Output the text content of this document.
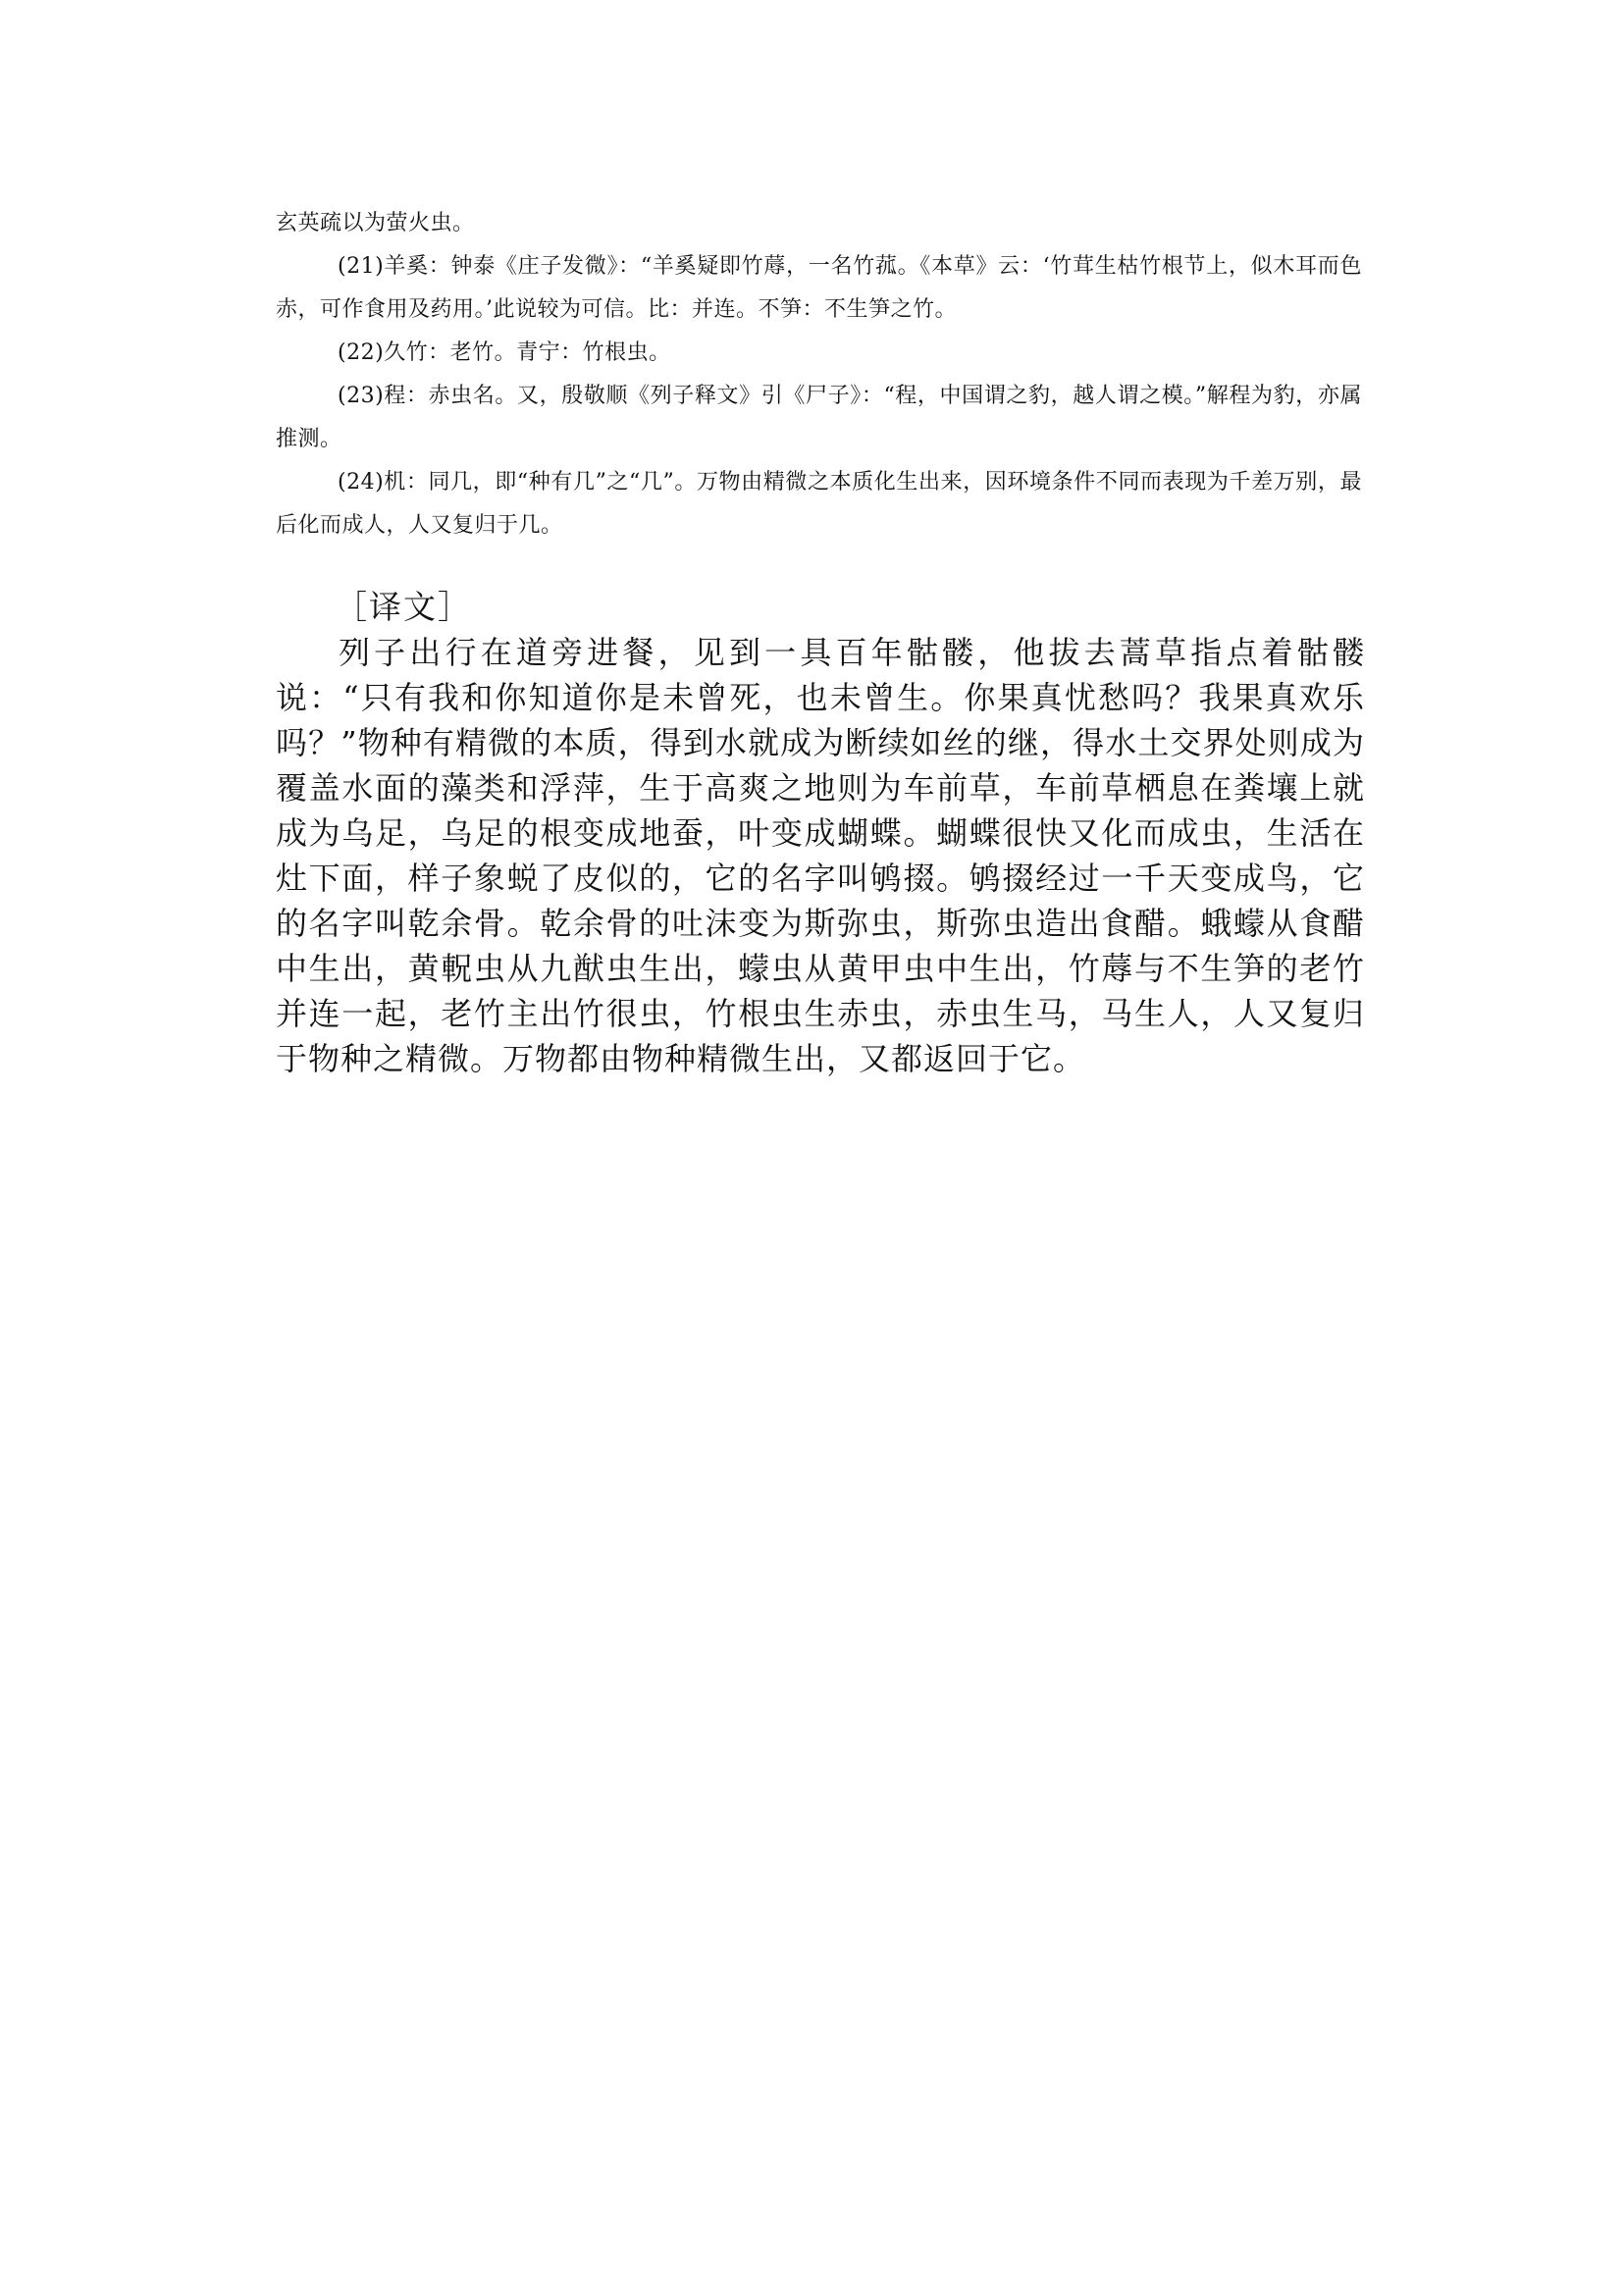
玄英疏以为萤火虫。

(21)羊奚：钟泰《庄子发微》：“羊奚疑即竹蓐，一名竹菰。《本草》云：‘竹茸生枯竹根节上，似木耳而色赤，可作食用及药用。’此说较为可信。比：并连。不笋：不生笋之竹。

(22)久竹：老竹。青宁：竹根虫。

(23)程：赤虫名。又，殷敬顺《列子释文》引《尸子》：“程，中国谓之豹，越人谓之模。”解程为豹，亦属推测。

(24)机：同几，即“种有几”之“几”。万物由精微之本质化生出来，因环境条件不同而表现为千差万别，最后化而成人，人又复归于几。

［译文］

列子出行在道旁进餐，见到一具百年骷髅，他拔去蒿草指点着骷髅说：“只有我和你知道你是未曾死，也未曾生。你果真忧愁吗？我果真欢乐吗？”物种有精微的本质，得到水就成为断续如丝的继，得水土交界处则成为覆盖水面的藻类和浮萍，生于高爽之地则为车前草，车前草栖息在粪壤上就成为乌足，乌足的根变成地蚕，叶变成蝴蝶。蝴蝶很快又化而成虫，生活在灶下面，样子象蜕了皮似的，它的名字叫鸲掇。鸲掇经过一千天变成鸟，它的名字叫乾余骨。乾余骨的吐沫变为斯弥虫，斯弥虫造出食醋。蛾蠓从食醋中生出，黄軦虫从九猷虫生出，蠓虫从黄甲虫中生出，竹蓐与不生笋的老竹并连一起，老竹主出竹很虫，竹根虫生赤虫，赤虫生马，马生人，人又复归于物种之精微。万物都由物种精微生出，又都返回于它。
